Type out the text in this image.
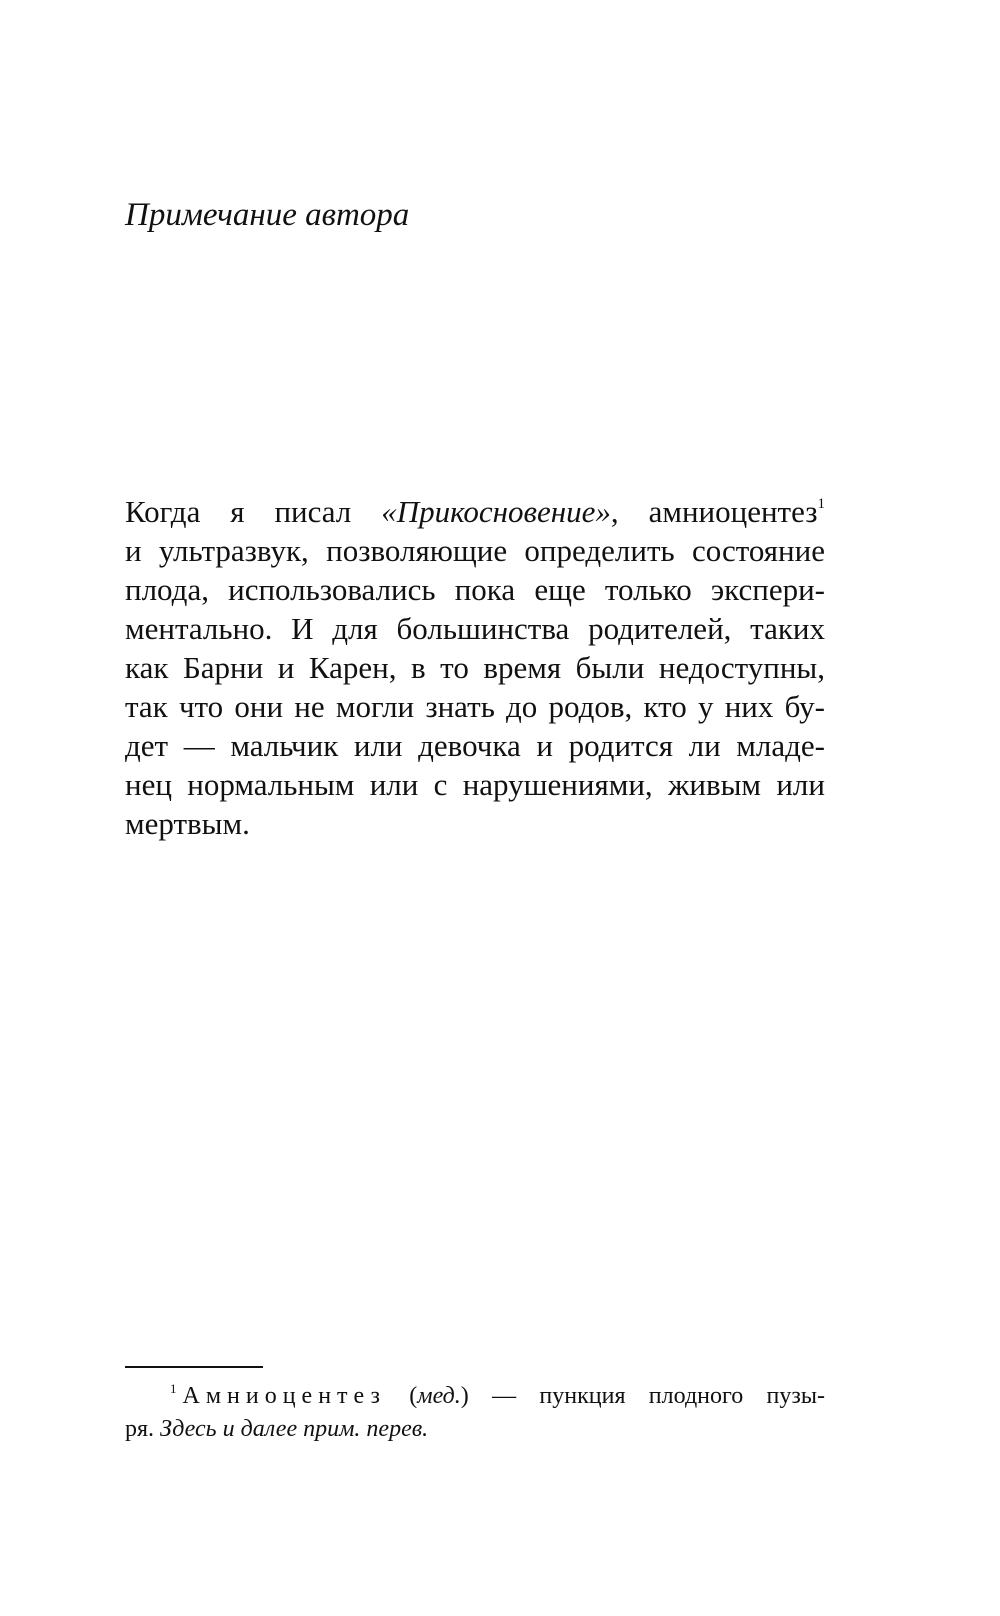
Примечание автора
Когда я писал «Прикосновение», амниоцентез$^1$
и ультразвук, позволяющие определить состояние
плода, использовались пока еще только экспери-
ментально. И для большинства родителей, таких
как Барни и Карен, в то время были недоступны,
так что они не могли знать до родов, кто у них бу-
дет — мальчик или девочка и родится ли младе-
нец нормальным или с нарушениями, живым или
мертвым.
$^1$ Амниоцентез (мед.) — пункция плодного пузы-
ря. Здесь и далее прим. перев.
